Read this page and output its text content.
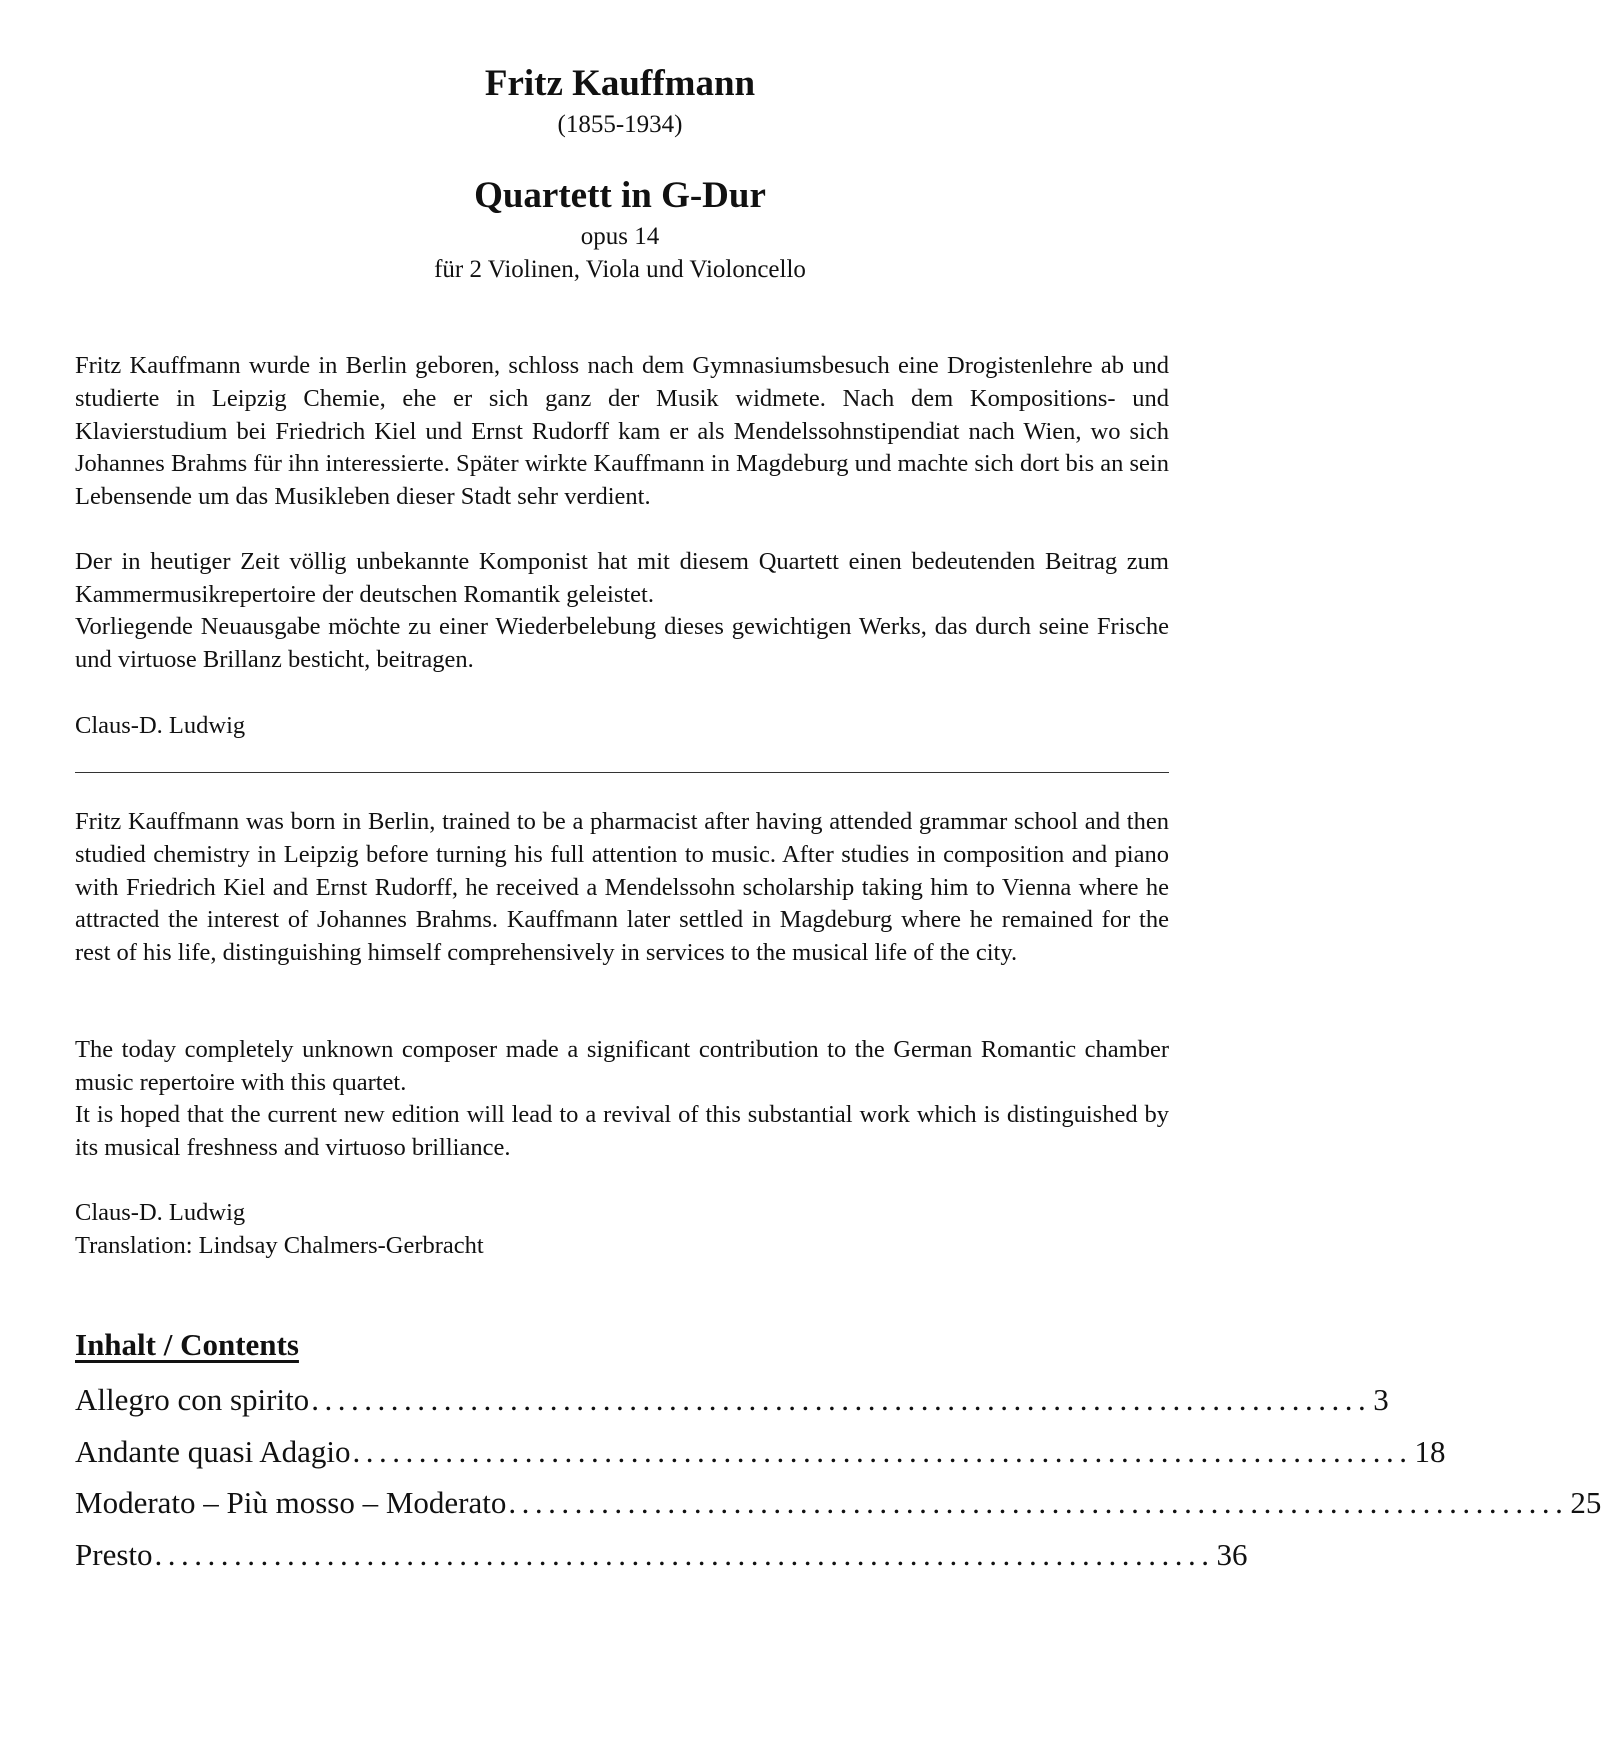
Fritz Kauffmann
(1855-1934)
Quartett in G-Dur
opus 14
für 2 Violinen, Viola und Violoncello

Fritz Kauffmann wurde in Berlin geboren, schloss nach dem Gymnasiumsbesuch eine Drogistenlehre ab und studierte in Leipzig Chemie, ehe er sich ganz der Musik widmete. Nach dem Kompositions- und Klavierstudium bei Friedrich Kiel und Ernst Rudorff kam er als Mendelssohnstipendiat nach Wien, wo sich Johannes Brahms für ihn interessierte. Später wirkte Kauffmann in Magdeburg und machte sich dort bis an sein Lebensende um das Musikleben dieser Stadt sehr verdient.

Der in heutiger Zeit völlig unbekannte Komponist hat mit diesem Quartett einen bedeutenden Beitrag zum Kammermusikrepertoire der deutschen Romantik geleistet.

Vorliegende Neuausgabe möchte zu einer Wiederbelebung dieses gewichtigen Werks, das durch seine Frische und virtuose Brillanz besticht, beitragen.

Claus-D. Ludwig

Fritz Kauffmann was born in Berlin, trained to be a pharmacist after having attended grammar school and then studied chemistry in Leipzig before turning his full attention to music. After studies in composition and piano with Friedrich Kiel and Ernst Rudorff, he received a Mendelssohn scholarship taking him to Vienna where he attracted the interest of Johannes Brahms. Kauffmann later settled in Magdeburg where he remained for the rest of his life, distinguishing himself comprehensively in services to the musical life of the city.

The today completely unknown composer made a significant contribution to the German Romantic chamber music repertoire with this quartet.

It is hoped that the current new edition will lead to a revival of this substantial work which is distinguished by its musical freshness and virtuoso brilliance.

Claus-D. Ludwig

Translation: Lindsay Chalmers-Gerbracht

Inhalt / Contents
Allegro con spirito ................................................................................ 3
Andante quasi Adagio ................................................................................ 18
Moderato – Più mosso – Moderato ................................................................................ 25
Presto ................................................................................ 36
